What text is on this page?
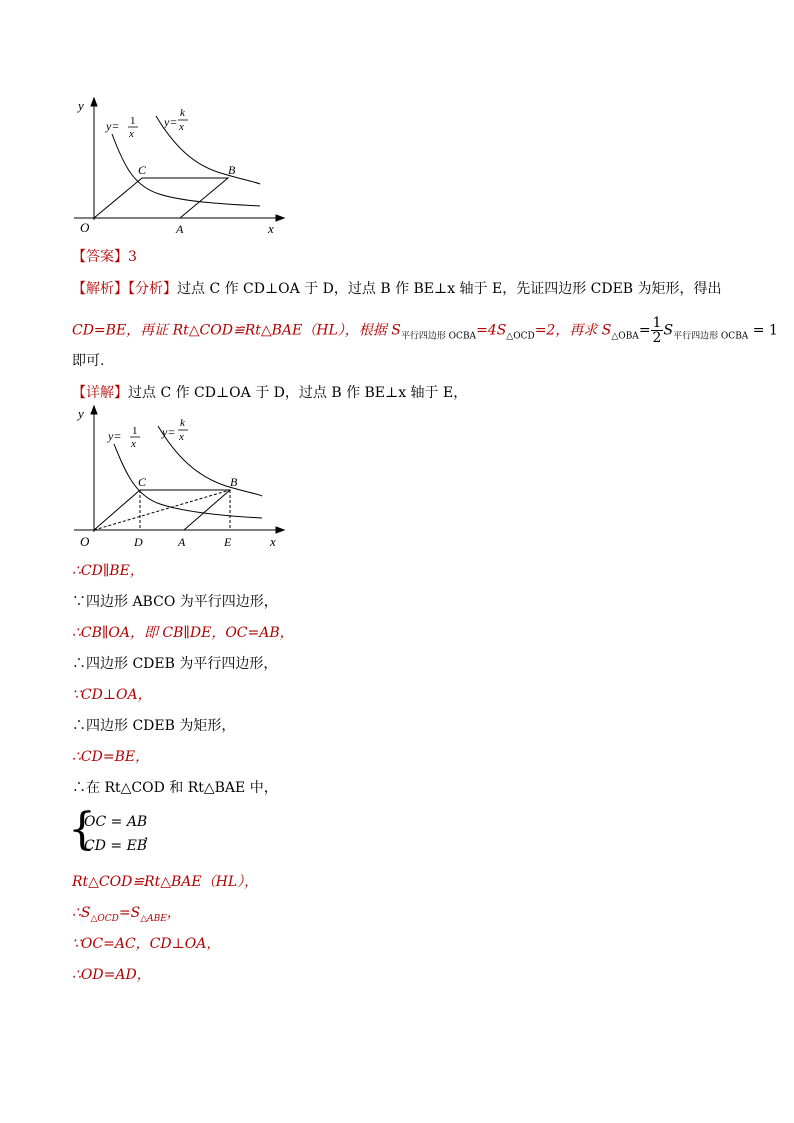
y
y= 1
x
y=
k
x
C	B
O	A	x
【答案】3
【解析】【分析】过点 C 作 CD⊥OA 于 D，过点 B 作 BE⊥x 轴于 E，先证四边形 CDEB 为矩形，得出
CD=BE，再证 Rt△COD≌Rt△BAE（HL），根据 $S_{平行四边形 OCBA}=4S_{\triangle OCD}=2$，再求 $S_{\triangle OBA}= \frac{1}{2} S_{平行四边形 OCBA} = 1$
即可.
【详解】过点 C 作 CD⊥OA 于 D，过点 B 作 BE⊥x 轴于 E，
y
y= 1
x
y=
k
x
C	B
O	D	A	E	x
∴CD∥BE，
∵四边形 ABCO 为平行四边形，
∴CB∥OA，即 CB∥DE，OC=AB，
∴四边形 CDEB 为平行四边形，
∵CD⊥OA，
∴四边形 CDEB 为矩形，
∴CD=BE，
∴在 Rt△COD 和 Rt△BAE 中，
{
OC = AB
CD = EB
，
Rt△COD≌Rt△BAE（HL），
$\therefore S_{\triangle OCD}=S_{\triangle ABE}$，
∵OC=AC，CD⊥OA，
∴OD=AD，
